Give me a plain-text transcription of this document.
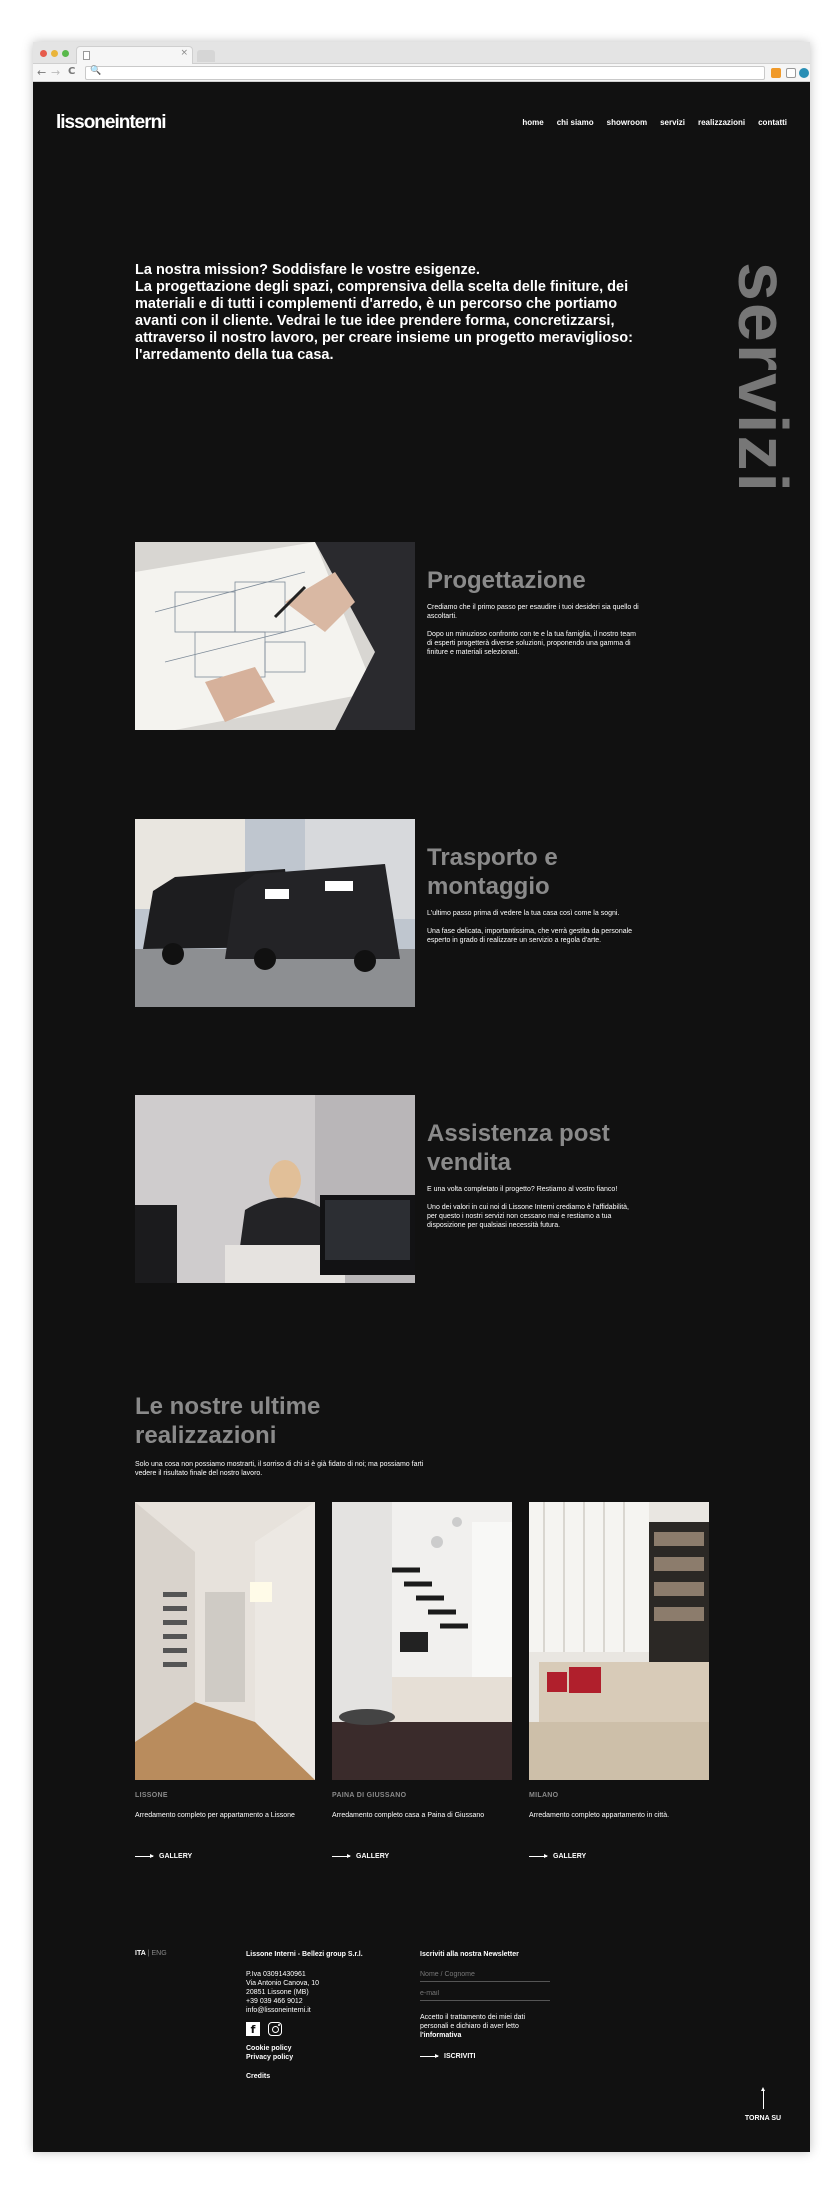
×
← → C 🔍
lissoneinterni	home chi siamo showroom servizi realizzazioni contatti
servizi
La nostra mission? Soddisfare le vostre esigenze.
La progettazione degli spazi, comprensiva della scelta delle finiture, dei materiali e di tutti i complementi d'arredo, è un percorso che portiamo avanti con il cliente. Vedrai le tue idee prendere forma, concretizzarsi, attraverso il nostro lavoro, per creare insieme un progetto meraviglioso: l'arredamento della tua casa.
Progettazione

Crediamo che il primo passo per esaudire i tuoi desideri sia quello di ascoltarti.

Dopo un minuzioso confronto con te e la tua famiglia, il nostro team di esperti progetterà diverse soluzioni, proponendo una gamma di finiture e materiali selezionati.

Trasporto e montaggio

L'ultimo passo prima di vedere la tua casa così come la sogni.

Una fase delicata, importantissima, che verrà gestita da personale esperto in grado di realizzare un servizio a regola d'arte.

Assistenza post vendita

E una volta completato il progetto? Restiamo al vostro fianco!

Uno dei valori in cui noi di Lissone Interni crediamo è l'affidabilità, per questo i nostri servizi non cessano mai e restiamo a tua disposizione per qualsiasi necessità futura.

Le nostre ultime realizzazioni

Solo una cosa non possiamo mostrarti, il sorriso di chi si è già fidato di noi; ma possiamo farti vedere il risultato finale del nostro lavoro.

LISSONE
Arredamento completo per appartamento a Lissone
GALLERY
PAINA DI GIUSSANO
Arredamento completo casa a Paina di Giussano
GALLERY
MILANO
Arredamento completo appartamento in città.
GALLERY
ITA | ENG	Lissone Interni - Bellezi group S.r.l.
P.Iva 03091430961
Via Antonio Canova, 10
20851 Lissone (MB)
+39 039 466 9012
info@lissoneinterni.it
f
Cookie policy
Privacy policy
Credits
Iscriviti alla nostra Newsletter
Nome / Cognome e-mail
Accetto il trattamento dei miei dati personali e dichiaro di aver letto l'informativa
ISCRIVITI
TORNA SU
